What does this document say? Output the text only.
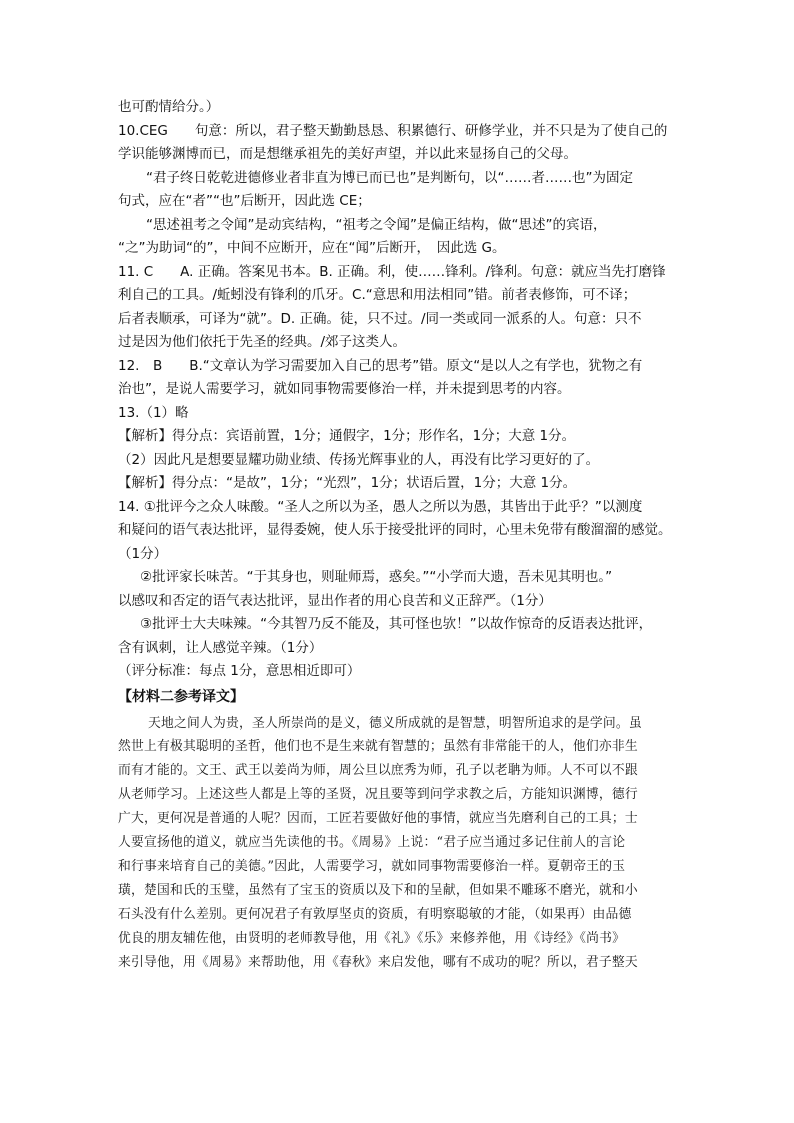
也可酌情给分。）
10.CEG　　句意：所以，君子整天勤勤恳恳、积累德行、研修学业，并不只是为了使自己的
学识能够渊博而已，而是想继承祖先的美好声望，并以此来显扬自己的父母。
“君子终日乾乾进德修业者非直为博已而已也”是判断句，以“……者……也”为固定
句式，应在“者”“也”后断开，因此选 CE；
“思述祖考之令闻”是动宾结构，“祖考之令闻”是偏正结构，做“思述”的宾语，
“之”为助词“的”，中间不应断开，应在“闻”后断开，　因此选 G。
11. C　　A. 正确。答案见书本。B. 正确。利，使……锋利。/锋利。句意：就应当先打磨锋
利自己的工具。/蚯蚓没有锋利的爪牙。C.“意思和用法相同”错。前者表修饰，可不译；
后者表顺承，可译为“就”。D. 正确。徒，只不过。/同一类或同一派系的人。句意：只不
过是因为他们依托于先圣的经典。/郊子这类人。
12.　B　　B.“文章认为学习需要加入自己的思考”错。原文“是以人之有学也，犹物之有
治也”，是说人需要学习，就如同事物需要修治一样，并未提到思考的内容。
13.（1）略
【解析】得分点：宾语前置，1分；通假字，1分；形作名，1分；大意 1分。
（2）因此凡是想要显耀功勋业绩、传扬光辉事业的人，再没有比学习更好的了。
【解析】得分点：“是故”，1分；“光烈”，1分；状语后置，1分；大意 1分。
14. ①批评今之众人味酸。“圣人之所以为圣，愚人之所以为愚，其皆出于此乎？”以测度
和疑问的语气表达批评，显得委婉，使人乐于接受批评的同时，心里未免带有酸溜溜的感觉。
（1分）
②批评家长味苦。“于其身也，则耻师焉，惑矣。”“小学而大遗，吾未见其明也。”
以感叹和否定的语气表达批评，显出作者的用心良苦和义正辞严。（1分）
③批评士大夫味辣。“今其智乃反不能及，其可怪也欤！”以故作惊奇的反语表达批评，
含有讽刺，让人感觉辛辣。（1分）
（评分标准：每点 1分，意思相近即可）
【材料二参考译文】
天地之间人为贵，圣人所崇尚的是义，德义所成就的是智慧，明智所追求的是学问。虽
然世上有极其聪明的圣哲，他们也不是生来就有智慧的；虽然有非常能干的人，他们亦非生
而有才能的。文王、武王以姜尚为师，周公旦以庶秀为师，孔子以老聃为师。人不可以不跟
从老师学习。上述这些人都是上等的圣贤，况且要等到问学求教之后，方能知识渊博，德行
广大，更何况是普通的人呢？因而，工匠若要做好他的事情，就应当先磨利自己的工具；士
人要宣扬他的道义，就应当先读他的书。《周易》上说：“君子应当通过多记住前人的言论
和行事来培育自己的美德。”因此，人需要学习，就如同事物需要修治一样。夏朝帝王的玉
璜，楚国和氏的玉璧，虽然有了宝玉的资质以及下和的呈献，但如果不雕琢不磨光，就和小
石头没有什么差别。更何况君子有敦厚坚贞的资质，有明察聪敏的才能，（如果再）由品德
优良的朋友辅佐他，由贤明的老师教导他，用《礼》《乐》来修养他，用《诗经》《尚书》
来引导他，用《周易》来帮助他，用《春秋》来启发他，哪有不成功的呢？所以，君子整天
